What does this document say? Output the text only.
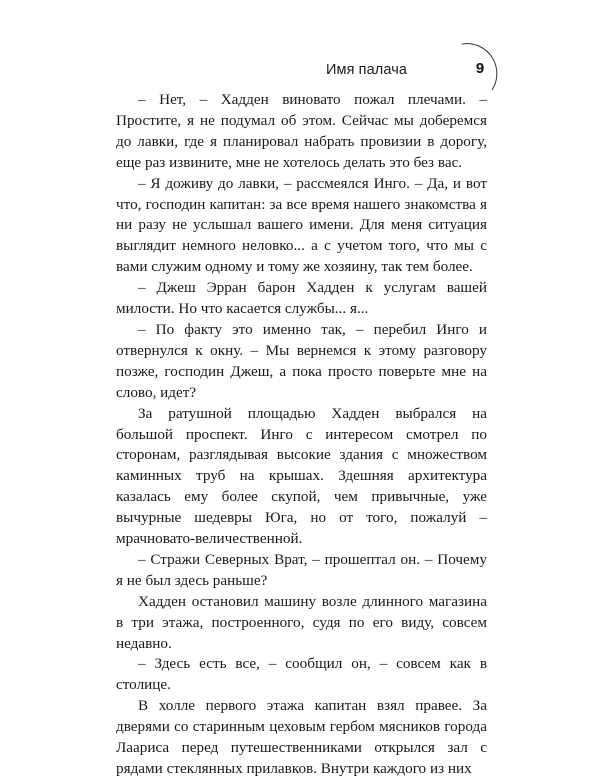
Имя палача	9

– Нет, – Хадден виновато пожал плечами. – Простите, я не подумал об этом. Сейчас мы доберемся до лавки, где я планировал набрать провизии в дорогу, еще раз извините, мне не хотелось делать это без вас.

– Я доживу до лавки, – рассмеялся Инго. – Да, и вот что, господин капитан: за все время нашего знакомства я ни разу не услышал вашего имени. Для меня ситуация выглядит немного неловко... а с учетом того, что мы с вами служим одному и тому же хозяину, так тем более.

– Джеш Эрран барон Хадден к услугам вашей милости. Но что касается службы... я...

– По факту это именно так, – перебил Инго и отвернулся к окну. – Мы вернемся к этому разговору позже, господин Джеш, а пока просто поверьте мне на слово, идет?

За ратушной площадью Хадден выбрался на большой проспект. Инго с интересом смотрел по сторонам, разглядывая высокие здания с множеством каминных труб на крышах. Здешняя архитектура казалась ему более скупой, чем привычные, уже вычурные шедевры Юга, но от того, пожалуй – мрачновато-величественной.

– Стражи Северных Врат, – прошептал он. – Почему я не был здесь раньше?

Хадден остановил машину возле длинного магазина в три этажа, построенного, судя по его виду, совсем недавно.

– Здесь есть все, – сообщил он, – совсем как в столице.

В холле первого этажа капитан взял правее. За дверями со старинным цеховым гербом мясников города Лаариса перед путешественниками открылся зал с рядами стеклянных прилавков. Внутри каждого из них
